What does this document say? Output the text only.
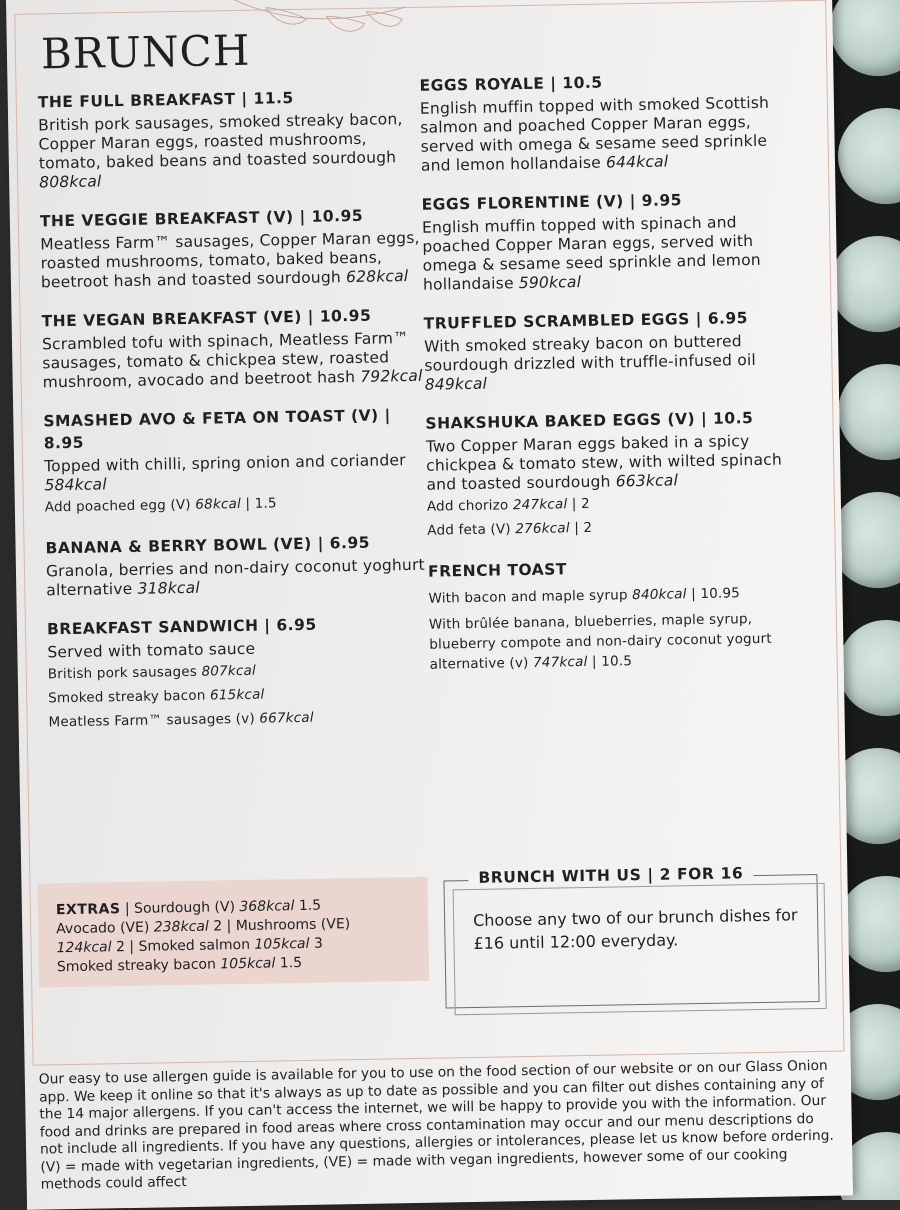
BRUNCH
THE FULL BREAKFAST | 11.5
British pork sausages, smoked streaky bacon, Copper Maran eggs, roasted mushrooms, tomato, baked beans and toasted sourdough 808kcal
THE VEGGIE BREAKFAST (V) | 10.95
Meatless Farm™ sausages, Copper Maran eggs, roasted mushrooms, tomato, baked beans, beetroot hash and toasted sourdough 628kcal
THE VEGAN BREAKFAST (VE) | 10.95
Scrambled tofu with spinach, Meatless Farm™ sausages, tomato & chickpea stew, roasted mushroom, avocado and beetroot hash 792kcal
SMASHED AVO & FETA ON TOAST (V) | 8.95
Topped with chilli, spring onion and coriander 584kcal
Add poached egg (V) 68kcal | 1.5
BANANA & BERRY BOWL (VE) | 6.95
Granola, berries and non-dairy coconut yoghurt alternative 318kcal
BREAKFAST SANDWICH | 6.95
Served with tomato sauce
British pork sausages 807kcal
Smoked streaky bacon 615kcal
Meatless Farm™ sausages (v) 667kcal
EGGS ROYALE | 10.5
English muffin topped with smoked Scottish salmon and poached Copper Maran eggs, served with omega & sesame seed sprinkle and lemon hollandaise 644kcal
EGGS FLORENTINE (V) | 9.95
English muffin topped with spinach and poached Copper Maran eggs, served with omega & sesame seed sprinkle and lemon hollandaise 590kcal
TRUFFLED SCRAMBLED EGGS | 6.95
With smoked streaky bacon on buttered sourdough drizzled with truffle-infused oil 849kcal
SHAKSHUKA BAKED EGGS (V) | 10.5
Two Copper Maran eggs baked in a spicy chickpea & tomato stew, with wilted spinach and toasted sourdough 663kcal
Add chorizo 247kcal | 2
Add feta (V) 276kcal | 2
FRENCH TOAST
With bacon and maple syrup 840kcal | 10.95
With brûlée banana, blueberries, maple syrup, blueberry compote and non-dairy coconut yogurt alternative (v) 747kcal | 10.5
EXTRAS | Sourdough (V) 368kcal 1.5
Avocado (VE) 238kcal 2 | Mushrooms (VE)
124kcal 2 | Smoked salmon 105kcal 3
Smoked streaky bacon 105kcal 1.5
BRUNCH WITH US | 2 FOR 16
Choose any two of our brunch dishes for £16 until 12:00 everyday.
Our easy to use allergen guide is available for you to use on the food section of our website or on our Glass Onion app. We keep it online so that it's always as up to date as possible and you can filter out dishes containing any of the 14 major allergens. If you can't access the internet, we will be happy to provide you with the information. Our food and drinks are prepared in food areas where cross contamination may occur and our menu descriptions do not include all ingredients. If you have any questions, allergies or intolerances, please let us know before ordering. (V) = made with vegetarian ingredients, (VE) = made with vegan ingredients, however some of our cooking methods could affect
